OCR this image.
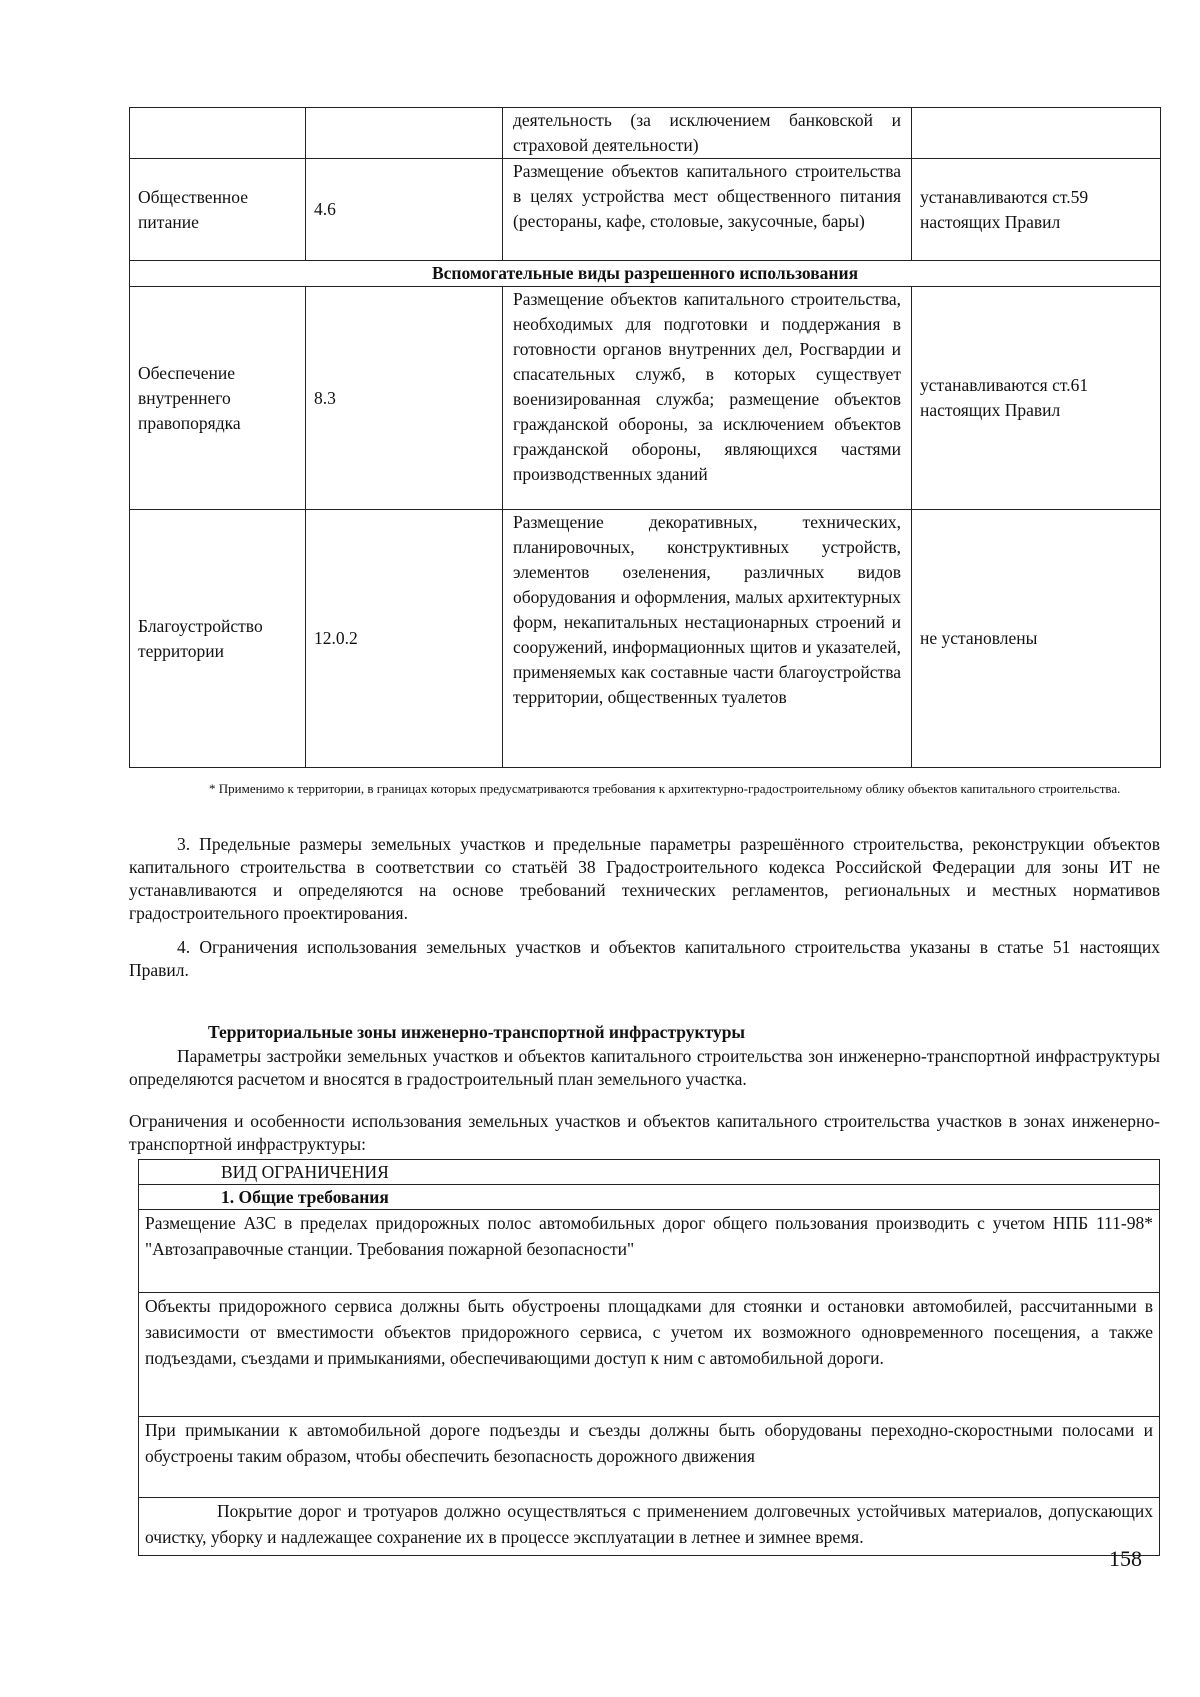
		деятельность (за исключением банковской и страховой деятельности)	
Общественное питание	4.6	Размещение объектов капитального строительства в целях устройства мест общественного питания (рестораны, кафе, столовые, закусочные, бары)	устанавливаются ст.59 настоящих Правил
Вспомогательные виды разрешенного использования			
Обеспечение внутреннего правопорядка	8.3	Размещение объектов капитального строительства, необходимых для подготовки и поддержания в готовности органов внутренних дел, Росгвардии и спасательных служб, в которых существует военизированная служба; размещение объектов гражданской обороны, за исключением объектов гражданской обороны, являющихся частями производственных зданий	устанавливаются ст.61 настоящих Правил
Благоустройство территории	12.0.2	Размещение декоративных, технических, планировочных, конструктивных устройств, элементов озеленения, различных видов оборудования и оформления, малых архитектурных форм, некапитальных нестационарных строений и сооружений, информационных щитов и указателей, применяемых как составные части благоустройства территории, общественных туалетов	не установлены
* Применимо к территории, в границах которых предусматриваются требования к архитектурно-градостроительному облику объектов капитального строительства.
3. Предельные размеры земельных участков и предельные параметры разрешённого строительства, реконструкции объектов капитального строительства в соответствии со статьёй 38 Градостроительного кодекса Российской Федерации для зоны ИТ не устанавливаются и определяются на основе требований технических регламентов, региональных и местных нормативов градостроительного проектирования.
4. Ограничения использования земельных участков и объектов капитального строительства указаны в статье 51 настоящих Правил.
Территориальные зоны инженерно-транспортной инфраструктуры
Параметры застройки земельных участков и объектов капитального строительства зон инженерно-транспортной инфраструктуры определяются расчетом и вносятся в градостроительный план земельного участка.
Ограничения и особенности использования земельных участков и объектов капитального строительства участков в зонах инженерно-транспортной инфраструктуры:
ВИД ОГРАНИЧЕНИЯ
1. Общие требования
Размещение АЗС в пределах придорожных полос автомобильных дорог общего пользования производить с учетом НПБ 111-98* "Автозаправочные станции. Требования пожарной безопасности"
Объекты придорожного сервиса должны быть обустроены площадками для стоянки и остановки автомобилей, рассчитанными в зависимости от вместимости объектов придорожного сервиса, с учетом их возможного одновременного посещения, а также подъездами, съездами и примыканиями, обеспечивающими доступ к ним с автомобильной дороги.
При примыкании к автомобильной дороге подъезды и съезды должны быть оборудованы переходно-скоростными полосами и обустроены таким образом, чтобы обеспечить безопасность дорожного движения
Покрытие дорог и тротуаров должно осуществляться с применением долговечных устойчивых материалов, допускающих очистку, уборку и надлежащее сохранение их в процессе эксплуатации в летнее и зимнее время.
158
